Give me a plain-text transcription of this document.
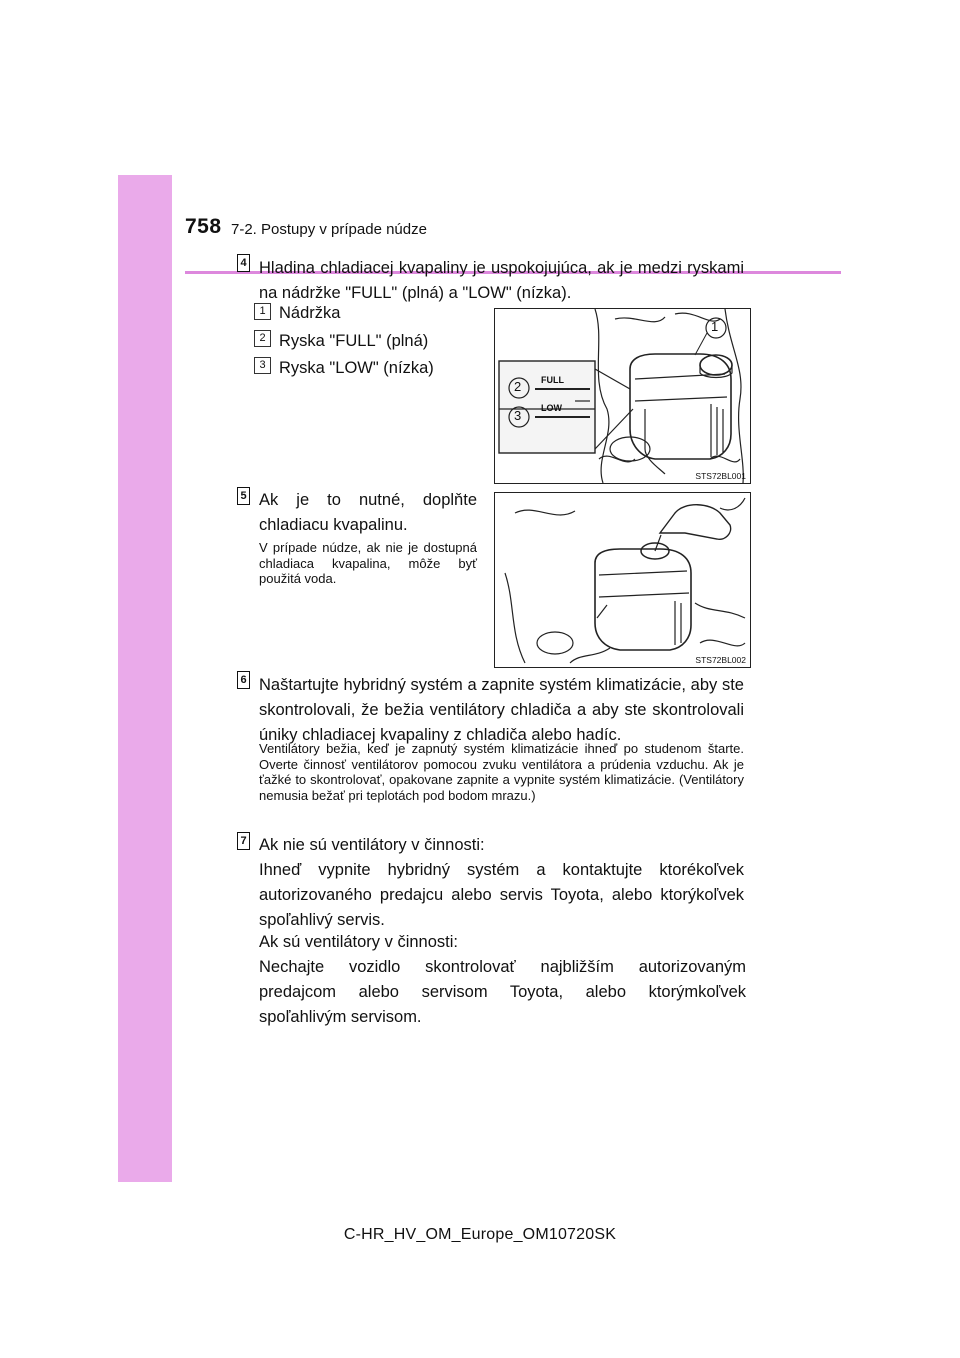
758 7-2. Postupy v prípade núdze
4 Hladina chladiacej kvapaliny je uspokojujúca, ak je medzi ryskami na nádržke "FULL" (plná) a "LOW" (nízka).
1 Nádržka
2 Ryska "FULL" (plná)
3 Ryska "LOW" (nízka)
FULL
LOW
1
2
3
STS72BL001
5 Ak je to nutné, doplňte chladiacu kvapalinu.
V prípade núdze, ak nie je dostupná chladiaca kvapalina, môže byť použitá voda.
STS72BL002
6 Naštartujte hybridný systém a zapnite systém klimatizácie, aby ste skontrolovali, že bežia ventilátory chladiča a aby ste skontrolovali úniky chladiacej kvapaliny z chladiča alebo hadíc.
Ventilátory bežia, keď je zapnutý systém klimatizácie ihneď po studenom štarte. Overte činnosť ventilátorov pomocou zvuku ventilátora a prúdenia vzduchu. Ak je ťažké to skontrolovať, opakovane zapnite a vypnite systém klimatizácie. (Ventilátory nemusia bežať pri teplotách pod bodom mrazu.)
7 Ak nie sú ventilátory v činnosti:
Ihneď vypnite hybridný systém a kontaktujte ktorékoľvek autorizovaného predajcu alebo servis Toyota, alebo ktorýkoľvek spoľahlivý servis.
Ak sú ventilátory v činnosti:
Nechajte vozidlo skontrolovať najbližším autorizovaným predajcom alebo servisom Toyota, alebo ktorýmkoľvek spoľahlivým servisom.
C-HR_HV_OM_Europe_OM10720SK
